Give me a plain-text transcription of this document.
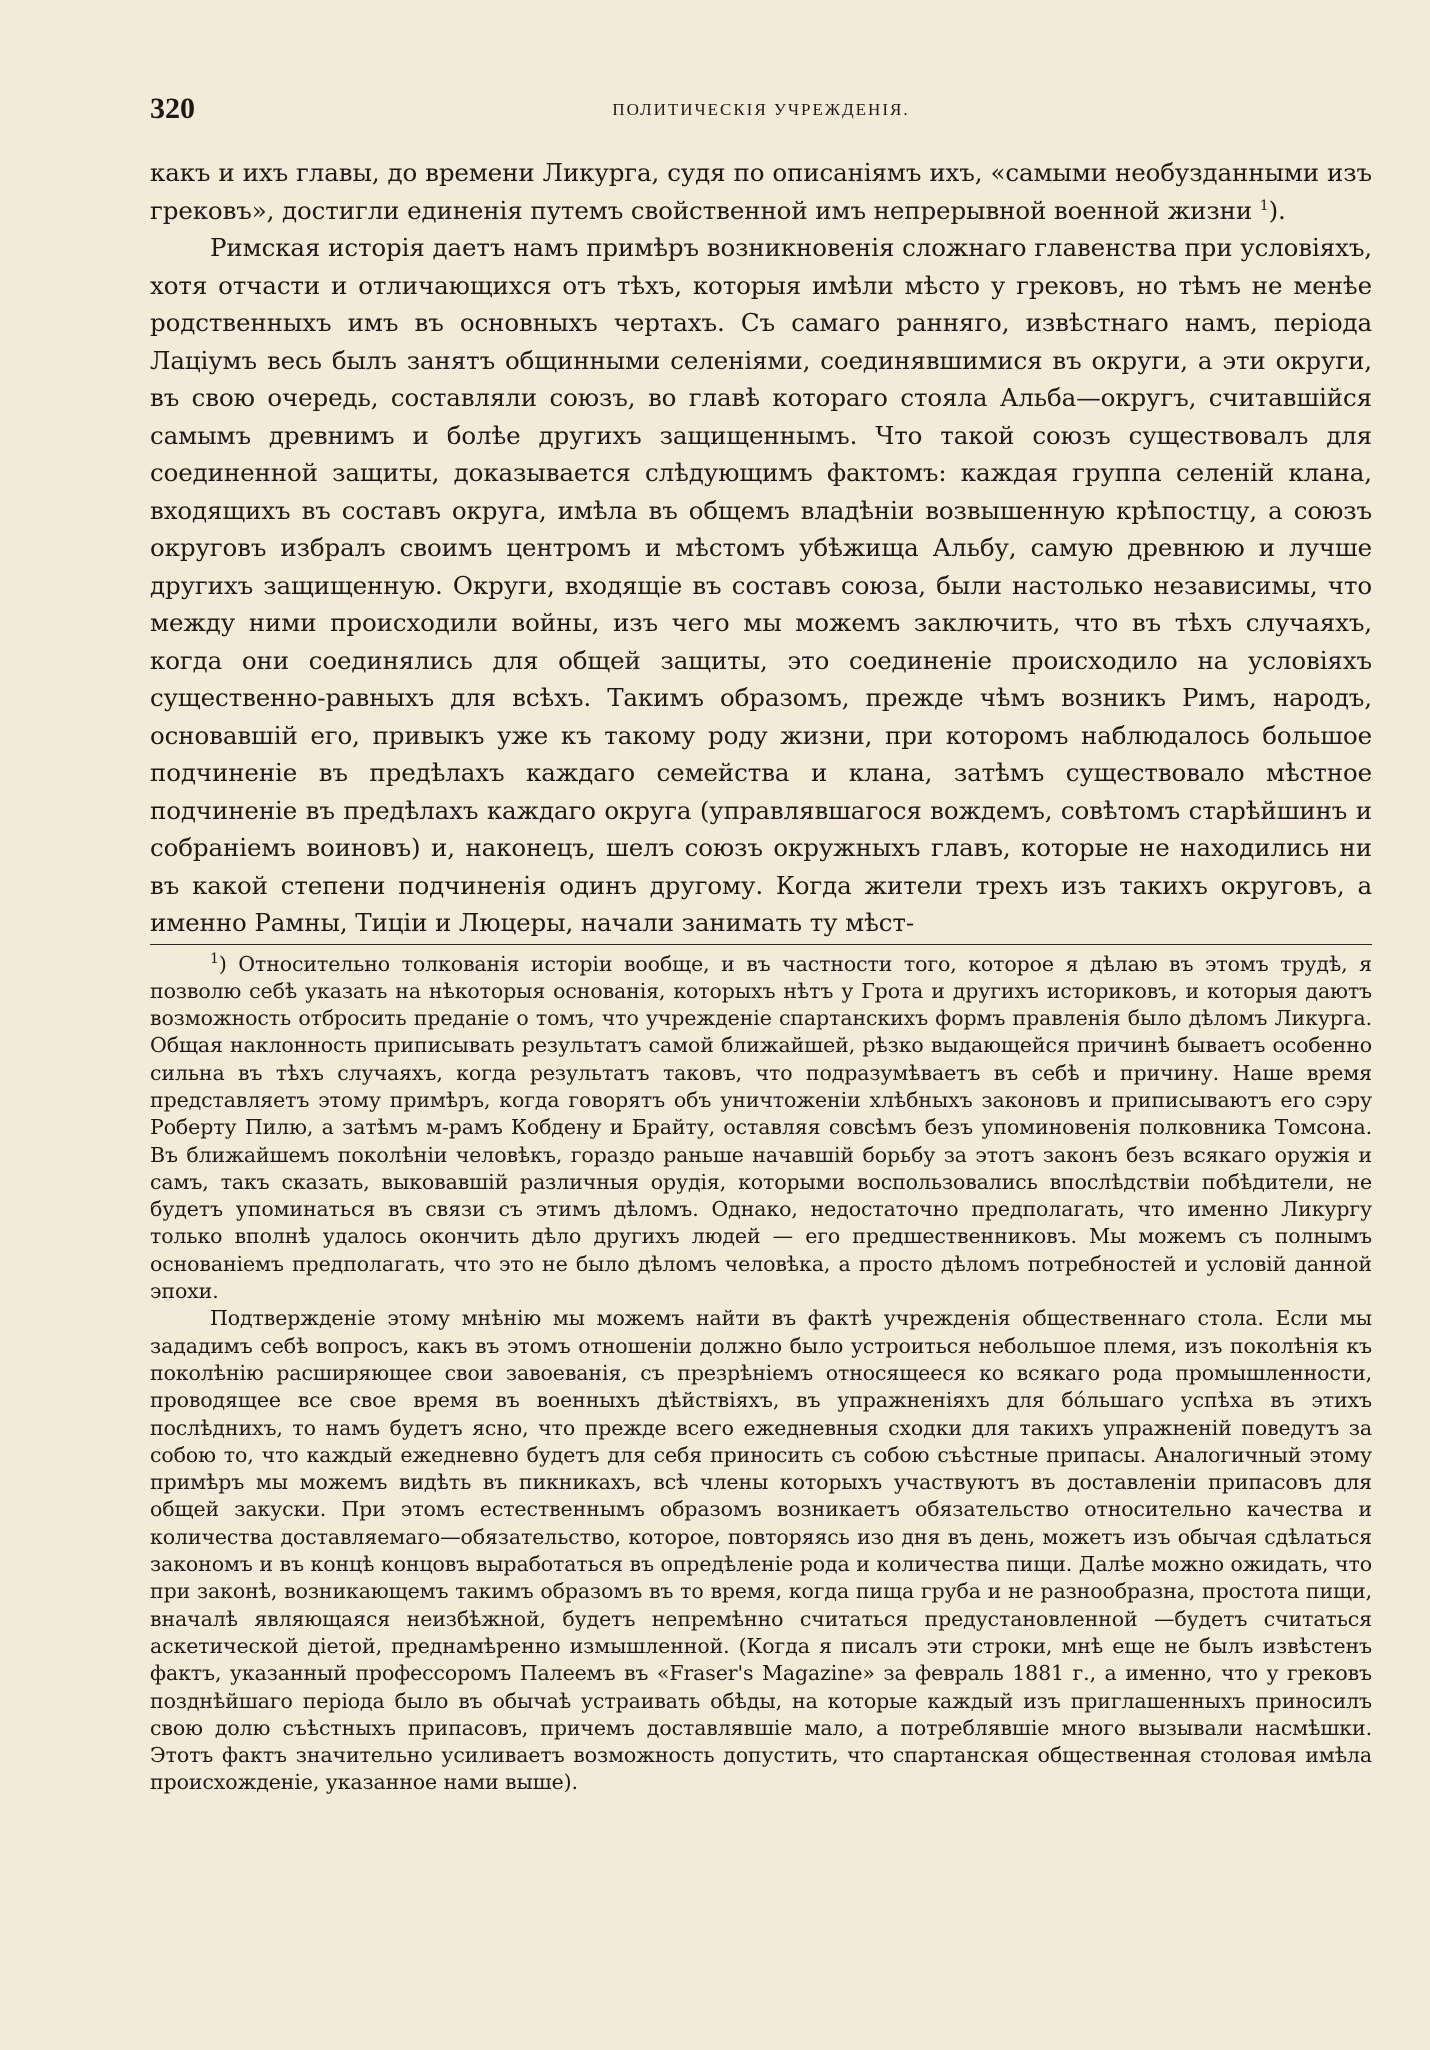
320	ПОЛИТИЧЕСКIЯ УЧРЕЖДЕНIЯ.

какъ и ихъ главы, до времени Ликурга, судя по описанiямъ ихъ, «самыми необузданными изъ грековъ», достигли единенiя путемъ свойственной имъ непрерывной военной жизни $^1$).

Римская исторiя даетъ намъ примѣръ возникновенiя сложнаго главенства при условiяхъ, хотя отчасти и отличающихся отъ тѣхъ, которыя имѣли мѣсто у грековъ, но тѣмъ не менѣе родственныхъ имъ въ основныхъ чертахъ. Съ самаго ранняго, извѣстнаго намъ, перiода Лацiумъ весь былъ занятъ общинными селенiями, соединявшимися въ округи, а эти округи, въ свою очередь, составляли союзъ, во главѣ котораго стояла Альба—округъ, считавшiйся самымъ древнимъ и болѣе другихъ защищеннымъ. Что такой союзъ существовалъ для соединенной защиты, доказывается слѣдующимъ фактомъ: каждая группа селенiй клана, входящихъ въ составъ округа, имѣла въ общемъ владѣнiи возвышенную крѣпостцу, а союзъ округовъ избралъ своимъ центромъ и мѣстомъ убѣжища Альбу, самую древнюю и лучше другихъ защищенную. Округи, входящiе въ составъ союза, были настолько независимы, что между ними происходили войны, изъ чего мы можемъ заключить, что въ тѣхъ случаяхъ, когда они соединялись для общей защиты, это соединенiе происходило на условiяхъ существенно-равныхъ для всѣхъ. Такимъ образомъ, прежде чѣмъ возникъ Римъ, народъ, основавшiй его, привыкъ уже къ такому роду жизни, при которомъ наблюдалось большое подчиненiе въ предѣлахъ каждаго семейства и клана, затѣмъ существовало мѣстное подчиненiе въ предѣлахъ каждаго округа (управлявшагося вождемъ, совѣтомъ старѣйшинъ и собранiемъ воиновъ) и, наконецъ, шелъ союзъ окружныхъ главъ, которые не находились ни въ какой степени подчиненiя одинъ другому. Когда жители трехъ изъ такихъ округовъ, а именно Рамны, Тицiи и Люцеры, начали занимать ту мѣст-

$^1$) Относительно толкованiя исторiи вообще, и въ частности того, которое я дѣлаю въ этомъ трудѣ, я позволю себѣ указать на нѣкоторыя основанiя, которыхъ нѣтъ у Грота и другихъ историковъ, и которыя даютъ возможность отбросить преданiе о томъ, что учрежденiе спартанскихъ формъ правленiя было дѣломъ Ликурга. Общая наклонность приписывать результатъ самой ближайшей, рѣзко выдающейся причинѣ бываетъ особенно сильна въ тѣхъ случаяхъ, когда результатъ таковъ, что подразумѣваетъ въ себѣ и причину. Наше время представляетъ этому примѣръ, когда говорятъ объ уничтоженiи хлѣбныхъ законовъ и приписываютъ его сэру Роберту Пилю, а затѣмъ м-рамъ Кобдену и Брайту, оставляя совсѣмъ безъ упоминовенiя полковника Томсона. Въ ближайшемъ поколѣнiи человѣкъ, гораздо раньше начавшiй борьбу за этотъ законъ безъ всякаго оружiя и самъ, такъ сказать, выковавшiй различныя орудiя, которыми воспользовались впослѣдствiи побѣдители, не будетъ упоминаться въ связи съ этимъ дѣломъ. Однако, недостаточно предполагать, что именно Ликургу только вполнѣ удалось окончить дѣло другихъ людей — его предшественниковъ. Мы можемъ съ полнымъ основанiемъ предполагать, что это не было дѣломъ человѣка, а просто дѣломъ потребностей и условiй данной эпохи.

Подтвержденiе этому мнѣнiю мы можемъ найти въ фактѣ учрежденiя общественнаго стола. Если мы зададимъ себѣ вопросъ, какъ въ этомъ отношенiи должно было устроиться небольшое племя, изъ поколѣнiя къ поколѣнiю расширяющее свои завоеванiя, съ презрѣнiемъ относящееся ко всякаго рода промышленности, проводящее все свое время въ военныхъ дѣйствiяхъ, въ упражненiяхъ для бо́льшаго успѣха въ этихъ послѣднихъ, то намъ будетъ ясно, что прежде всего ежедневныя сходки для такихъ упражненiй поведутъ за собою то, что каждый ежедневно будетъ для себя приносить съ собою съѣстные припасы. Аналогичный этому примѣръ мы можемъ видѣть въ пикникахъ, всѣ члены которыхъ участвуютъ въ доставленiи припасовъ для общей закуски. При этомъ естественнымъ образомъ возникаетъ обязательство относительно качества и количества доставляемаго—обязательство, которое, повторяясь изо дня въ день, можетъ изъ обычая сдѣлаться закономъ и въ концѣ концовъ выработаться въ опредѣленiе рода и количества пищи. Далѣе можно ожидать, что при законѣ, возникающемъ такимъ образомъ въ то время, когда пища груба и не разнообразна, простота пищи, вначалѣ являющаяся неизбѣжной, будетъ непремѣнно считаться предустановленной —будетъ считаться аскетической дiетой, преднамѣренно измышленной. (Когда я писалъ эти строки, мнѣ еще не былъ извѣстенъ фактъ, указанный профессоромъ Палеемъ въ «Fraser's Magazine» за февраль 1881 г., а именно, что у грековъ позднѣйшаго перiода было въ обычаѣ устраивать обѣды, на которые каждый изъ приглашенныхъ приносилъ свою долю съѣстныхъ припасовъ, причемъ доставлявшiе мало, а потреблявшiе много вызывали насмѣшки. Этотъ фактъ значительно усиливаетъ возможность допустить, что спартанская общественная столовая имѣла происхожденiе, указанное нами выше).
